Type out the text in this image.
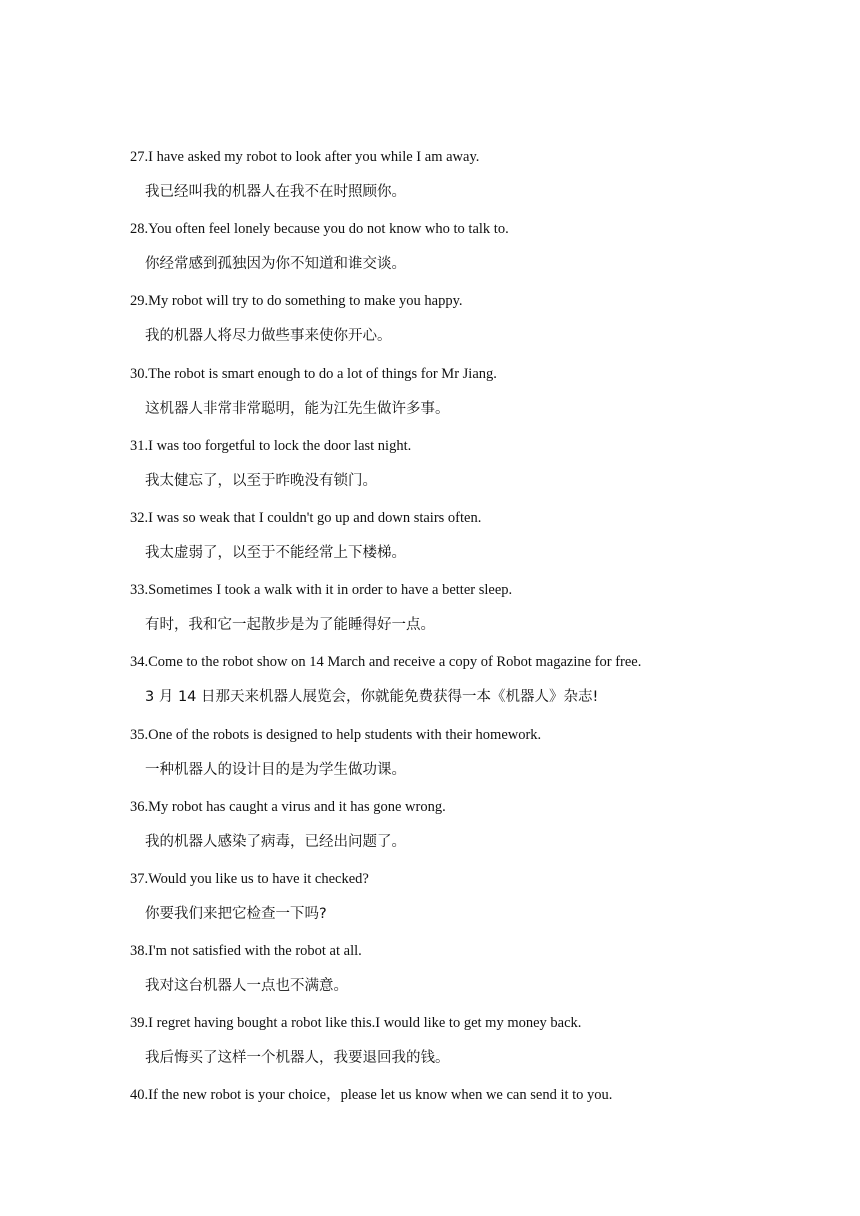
27.I have asked my robot to look after you while I am away.
我已经叫我的机器人在我不在时照顾你。
28.You often feel lonely because you do not know who to talk to.
你经常感到孤独因为你不知道和谁交谈。
29.My robot will try to do something to make you happy.
我的机器人将尽力做些事来使你开心。
30.The robot is smart enough to do a lot of things for Mr Jiang.
这机器人非常非常聪明，能为江先生做许多事。
31.I was too forgetful to lock the door last night.
我太健忘了，以至于昨晚没有锁门。
32.I was so weak that I couldn't go up and down stairs often.
我太虚弱了，以至于不能经常上下楼梯。
33.Sometimes I took a walk with it in order to have a better sleep.
有时，我和它一起散步是为了能睡得好一点。
34.Come to the robot show on 14 March and receive a copy of Robot magazine for free.
3 月 14 日那天来机器人展览会，你就能免费获得一本《机器人》杂志!
35.One of the robots is designed to help students with their homework.
一种机器人的设计目的是为学生做功课。
36.My robot has caught a virus and it has gone wrong.
我的机器人感染了病毒，已经出问题了。
37.Would you like us to have it checked?
你要我们来把它检查一下吗?
38.I'm not satisfied with the robot at all.
我对这台机器人一点也不满意。
39.I regret having bought a robot like this.I would like to get my money back.
我后悔买了这样一个机器人，我要退回我的钱。
40.If the new robot is your choice，please let us know when we can send it to you.
